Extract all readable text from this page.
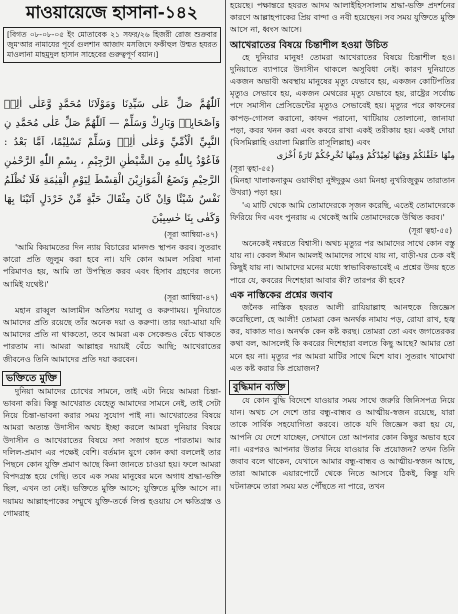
মাওয়ায়েজে হাসানা-১৪২
[বিগত ০৮-০৮-০৫ ইং মোতাবেক ২১ সফর/২৬ হিজরী রোজ শুক্রবার জুম'আর নামাযের পূর্বে গুলশান আজাদ মসজিদে ফকীহুল উম্মত হযরত মাওলানা মাহমুদুল হাসান সাহেবের গুরুত্বপূর্ণ বয়ান।]
اَللّٰهُمَّ صَلِّ عَلٰى سَيِّدِنَا وَمَوْلَانَا مُحَمَّدٍ وَّعَلٰى اٰلِهٖ وَاَصْحَابِهٖ وَبَارِكْ وَسَلِّمْ — اَللّٰهُمَّ صَلِّ عَلٰى مُحَمَّدِ نِ النَّبِيِّ الْاُمِّيِّ وَعَلٰى اٰلِهٖ وَسَلِّمْ تَسْلِيْمًا، اَمَّا بَعْدُ : فَاَعُوْذُ بِاللّٰهِ مِنَ الشَّيْطٰنِ الرَّجِيْمِ ، بِسْمِ اللّٰهِ الرَّحْمٰنِ الرَّحِيْمِ وَنَضَعُ الْمَوَازِيْنَ الْقِسْطَ لِيَوْمِ الْقِيٰمَةِ فَلَا تُظْلَمُ نَفْسٌ شَيْئًا وَاِنْ كَانَ مِثْقَالَ حَبَّةٍ مِّنْ خَرْدَلٍ اَتَيْنَا بِهَا وَكَفٰى بِنَا حٰسِبِيْنَ
(সূরা আম্বিয়া-৪৭)
'আমি কিয়ামতের দিন ন্যায় বিচারের মানদণ্ড স্থাপন করব। সুতরাং কারো প্রতি জুলুম করা হবে না। যদি কোন আমল সরিষা দানা পরিমাণও হয়, আমি তা উপস্থিত করব এবং হিসাব গ্রহণের জন্যে আমিই যথেষ্ট।'
(সূরা আম্বিয়া-৪৭)
মহান রাব্বুল আলামীন অতিশয় দয়ালু ও করুণাময়। দুনিয়াতে আমাদের প্রতি রয়েছে তাঁর অনেক দয়া ও করুণা। তার দয়া-মায়া যদি আমাদের প্রতি না থাকতো, তবে আমরা এক সেকেন্ডও বেঁচে থাকতে পারতাম না। আমরা আল্লাহর দয়ায়ই বেঁচে আছি; আখেরাতের জীবনেও তিনি আমাদের প্রতি দয়া করবেন।
ভক্তিতে মুক্তি
দুনিয়া আমাদের চোখের সামনে, তাই এটা নিয়ে আমরা চিন্তা-ভাবনা করি। কিন্তু আখেরাত যেহেতু আমাদের সামনে নেই, তাই সেটা নিয়ে চিন্তা-ভাবনা করার সময় সুযোগ পাই না। আখেরাতের বিষয়ে আমরা অত্যন্ত উদাসীন অথচ ইচ্ছা করলে আমরা দুনিয়ার বিষয়ে উদাসীন ও আখেরাতের বিষয়ে সদা সজাগ হতে পারতাম। আর দলিল-প্রমাণ এর পক্ষেই বেশি। বর্তমান যুগে কোন কথা বললেই তার পিছনে কোন যুক্তি প্রমাণ আছে কিনা জানতে চাওয়া হয়। ফলে আমরা বিপদগ্রস্ত হয়ে গেছি। তবে এক সময় মানুষের মনে অগাধ শ্রদ্ধা-ভক্তি ছিল, এখন তা নেই। ভক্তিতে মুক্তি আসে; যুক্তিতে মুক্তি আসে না। দয়াময় আল্লাহপাকের সম্মুখে যুক্তি-তর্কে লিপ্ত হওয়ায় সে ক্ষতিগ্রস্ত ও গোমরাহ
হয়েছে। পক্ষান্তরে হযরত আদম আলাইহিসসালাম শ্রদ্ধা-ভক্তি প্রদর্শনের কারণে আল্লাহপাকের প্রিয় বান্দা ও নবী হয়েছেন। সব সময় যুক্তিতে মুক্তি আসে না, ধ্বংস আসে।
আখেরাতের বিষয়ে চিন্তাশীল হওয়া উচিত
হে দুনিয়ার মানুষ! তোমরা আখেরাতের বিষয়ে চিন্তাশীল হও। দুনিয়াতে ব্যাপারে উদাসীন থাকলে অসুবিধা নেই। কারণ দুনিয়াতে একজন অভাবী অবস্থায় মানুষের মৃত্যু যেভাবে হয়, একজন কোটিপতির মৃত্যুও সেভাবে হয়, একজন মেথরের মৃত্যু যেভাবে হয়, রাষ্ট্রের সর্বোচ্চ পদে সমাসীন প্রেসিডেন্টের মৃত্যুও সেভাবেই হয়। মৃত্যুর পরে কাফনের কাপড়-গোসল করানো, কাফন পরানো, খাটিয়ায় তোলানো, জানাযা পড়া, কবর খনন করা এবং কবরে রাখা একই তরীকায় হয়। একই দোয়া (বিসমিল্লাহি ওয়ালা মিল্লাতি রাসূলিল্লাহ) এবং
مِنْهَا خَلَقْنٰكُمْ وَفِيْهَا نُعِيْدُكُمْ وَمِنْهَا نُخْرِجُكُمْ تَارَةً اُخْرٰى
(সূরা ত্বহা-৫৫)
(মিনহা খালাকনাকুম ওয়াফীহা নুঈদুকুম ওয়া মিনহা নুখরিজুকুম তারাতান উখরা) পড়া হয়।
'এ মাটি থেকে আমি তোমাদেরকে সৃজন করেছি, এতেই তোমাদেরকে ফিরিয়ে দিব এবং পুনরায় এ থেকেই আমি তোমাদেরকে উত্থিত করব।'
(সূরা ত্বহা-৫৫)
অনেকেই নশ্বরতে বিশ্বাসী। অথচ মৃত্যুর পর আমাদের সাথে কোন বস্তু যায় না। কেবল ঈমান আমলই আমাদের সাথে যায় না, বাড়ী-ঘর চেক বই কিছুই যায় না। আমাদের মনের মধ্যে স্বাভাবিকভাবেই এ প্রশ্নের উদয় হতে পারে যে, কবরের দিশেহারা আবার কী? তারপর কী হবে?
এক নাস্তিকের প্রশ্নের জবাব
জনৈক নাস্তিক হযরত আলী রাযিয়াল্লাহু আনহুকে জিজ্ঞেস করেছিলো, হে আলী! তোমরা কেন অনর্থক নামায পড়, রোযা রাখ, হজ্ব কর, যাকাত দাও। অনর্থক কেন কষ্ট করছ। তোমরা তো এবং জগতেরকর কথা বল, আসলেই কি কবরের দিশেহারা বলতে কিছু আছে? আমার তো মনে হয় না। মৃত্যুর পর আমরা মাটির সাথে মিশে যাব। সুতরাং খামোখা এত কষ্ট করার কি প্রয়োজন?
বুদ্ধিমান ব্যক্তি
যে কোন বুদ্ধি বিদেশে যাওয়ার সময় সাথে জরুরি জিনিসপত্র নিয়ে যান। অথচ সে দেশে তার বন্ধু-বান্ধব ও আত্মীয়-স্বজন রয়েছে, যারা তাকে সার্বিক সহযোগিতা করবে। তাকে যদি জিজ্ঞেস করা হয় যে, আপনি যে দেশে যাচ্ছেন, সেখানে তো আপনার কোন কিছুর অভাব হবে না। এরপরও আপনার উতার নিয়ে যাওয়ার কি প্রয়োজন? তখন তিনি জবাব বলে থাকেন, যেখানে আমার বন্ধু-বান্ধব ও আত্মীয়-স্বজন আছে, তারা আমাকে এয়ারপোর্টে থেকে নিতে আসবে ঠিকই, কিন্তু যদি ঘটনাক্রমে তারা সময় মত পৌঁছতে না পারে, তখন
